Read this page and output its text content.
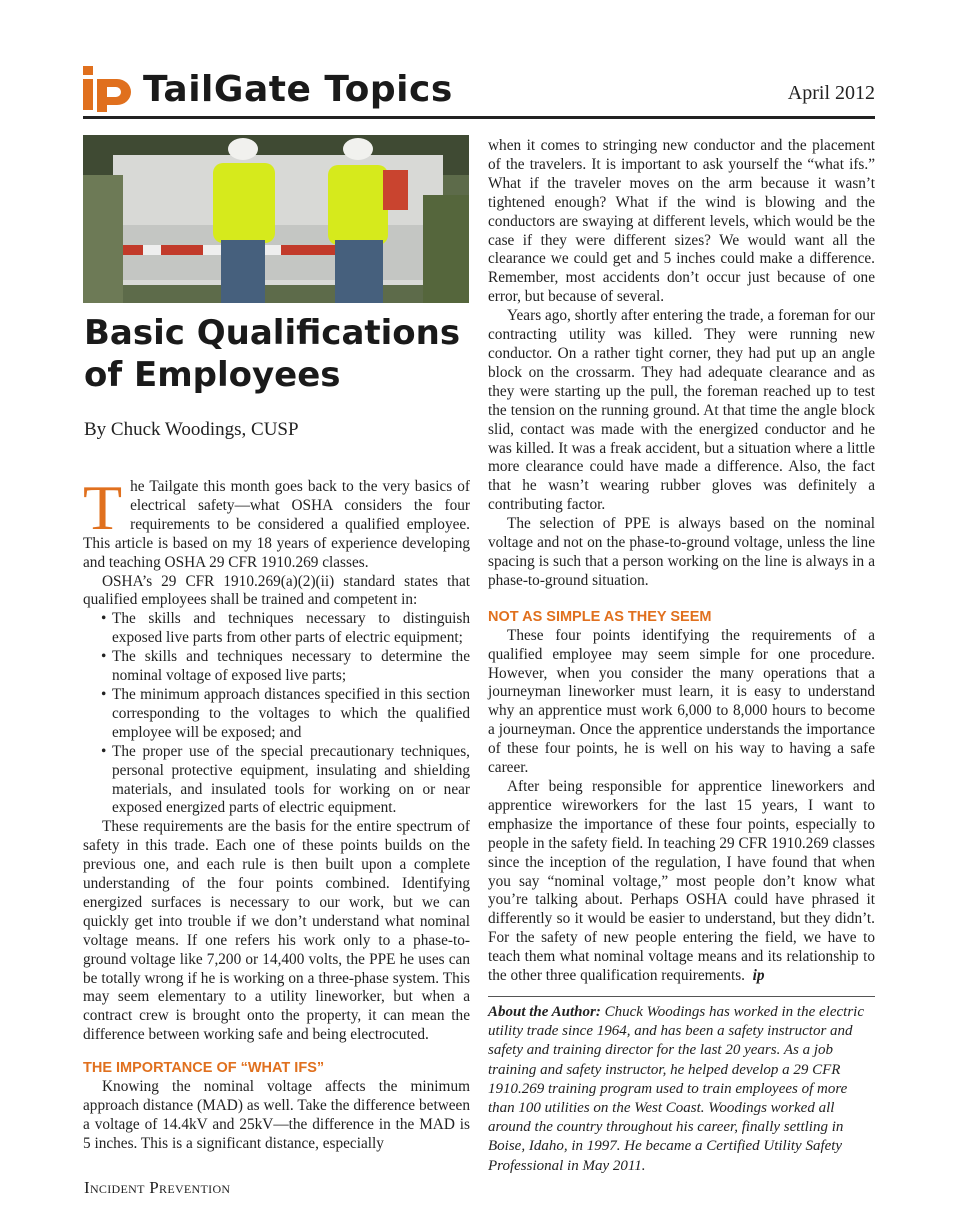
TailGate Topics	April 2012
Basic Qualifications
of Employees
By Chuck Woodings, CUSP

The Tailgate this month goes back to the very basics of electrical safety—what OSHA considers the four requirements to be considered a qualified employee. This article is based on my 18 years of experience developing and teaching OSHA 29 CFR 1910.269 classes.

OSHA’s 29 CFR 1910.269(a)(2)(ii) standard states that qualified employees shall be trained and competent in:

• The skills and techniques necessary to distinguish exposed live parts from other parts of electric equipment;
• The skills and techniques necessary to determine the nominal voltage of exposed live parts;
• The minimum approach distances specified in this section corresponding to the voltages to which the qualified employee will be exposed; and
• The proper use of the special precautionary techniques, personal protective equipment, insulating and shielding materials, and insulated tools for working on or near exposed energized parts of electric equipment.

These requirements are the basis for the entire spectrum of safety in this trade. Each one of these points builds on the previous one, and each rule is then built upon a complete understanding of the four points combined. Identifying energized surfaces is necessary to our work, but we can quickly get into trouble if we don’t understand what nominal voltage means. If one refers his work only to a phase-to-ground voltage like 7,200 or 14,400 volts, the PPE he uses can be totally wrong if he is working on a three-phase system. This may seem elementary to a utility lineworker, but when a contract crew is brought onto the property, it can mean the difference between working safe and being electrocuted.

THE IMPORTANCE OF “WHAT IFS”

Knowing the nominal voltage affects the minimum approach distance (MAD) as well. Take the difference between a voltage of 14.4kV and 25kV—the difference in the MAD is 5 inches. This is a significant distance, especially

when it comes to stringing new conductor and the placement of the travelers. It is important to ask yourself the “what ifs.” What if the traveler moves on the arm because it wasn’t tightened enough? What if the wind is blowing and the conductors are swaying at different levels, which would be the case if they were different sizes? We would want all the clearance we could get and 5 inches could make a difference. Remember, most accidents don’t occur just because of one error, but because of several.

Years ago, shortly after entering the trade, a foreman for our contracting utility was killed. They were running new conductor. On a rather tight corner, they had put up an angle block on the crossarm. They had adequate clearance and as they were starting up the pull, the foreman reached up to test the tension on the running ground. At that time the angle block slid, contact was made with the energized conductor and he was killed. It was a freak accident, but a situation where a little more clearance could have made a difference. Also, the fact that he wasn’t wearing rubber gloves was definitely a contributing factor.

The selection of PPE is always based on the nominal voltage and not on the phase-to-ground voltage, unless the line spacing is such that a person working on the line is always in a phase-to-ground situation.

NOT AS SIMPLE AS THEY SEEM

These four points identifying the requirements of a qualified employee may seem simple for one procedure. However, when you consider the many operations that a journeyman lineworker must learn, it is easy to understand why an apprentice must work 6,000 to 8,000 hours to become a journeyman. Once the apprentice understands the importance of these four points, he is well on his way to having a safe career.

After being responsible for apprentice lineworkers and apprentice wireworkers for the last 15 years, I want to emphasize the importance of these four points, especially to people in the safety field. In teaching 29 CFR 1910.269 classes since the inception of the regulation, I have found that when you say “nominal voltage,” most people don’t know what you’re talking about. Perhaps OSHA could have phrased it differently so it would be easier to understand, but they didn’t. For the safety of new people entering the field, we have to teach them what nominal voltage means and its relationship to the other three qualification requirements. ip

About the Author: Chuck Woodings has worked in the electric utility trade since 1964, and has been a safety instructor and safety and training director for the last 20 years. As a job training and safety instructor, he helped develop a 29 CFR 1910.269 training program used to train employees of more than 100 utilities on the West Coast. Woodings worked all around the country throughout his career, finally settling in Boise, Idaho, in 1997. He became a Certified Utility Safety Professional in May 2011.
Incident Prevention
